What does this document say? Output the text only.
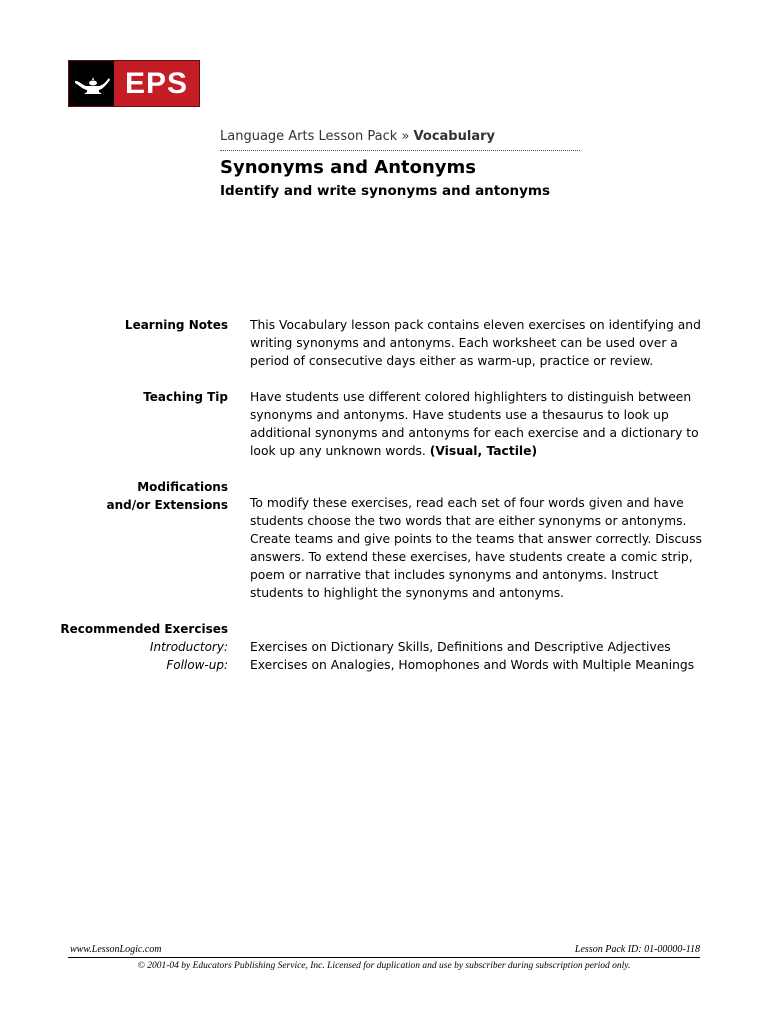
EPS
Language Arts Lesson Pack » Vocabulary
Synonyms and Antonyms
Identify and write synonyms and antonyms
Learning Notes This Vocabulary lesson pack contains eleven exercises on identifying and writing synonyms and antonyms. Each worksheet can be used over a period of consecutive days either as warm-up, practice or review.

Teaching Tip Have students use different colored highlighters to distinguish between synonyms and antonyms. Have students use a thesaurus to look up additional synonyms and antonyms for each exercise and a dictionary to look up any unknown words. (Visual, Tactile)

Modifications
and/or Extensions To modify these exercises, read each set of four words given and have students choose the two words that are either synonyms or antonyms. Create teams and give points to the teams that answer correctly. Discuss answers. To extend these exercises, have students create a comic strip, poem or narrative that includes synonyms and antonyms. Instruct students to highlight the synonyms and antonyms.

Recommended Exercises
Introductory: Exercises on Dictionary Skills, Definitions and Descriptive Adjectives

Follow-up: Exercises on Analogies, Homophones and Words with Multiple Meanings

www.LessonLogic.com	Lesson Pack ID: 01-00000-118
© 2001-04 by Educators Publishing Service, Inc. Licensed for duplication and use by subscriber during subscription period only.
